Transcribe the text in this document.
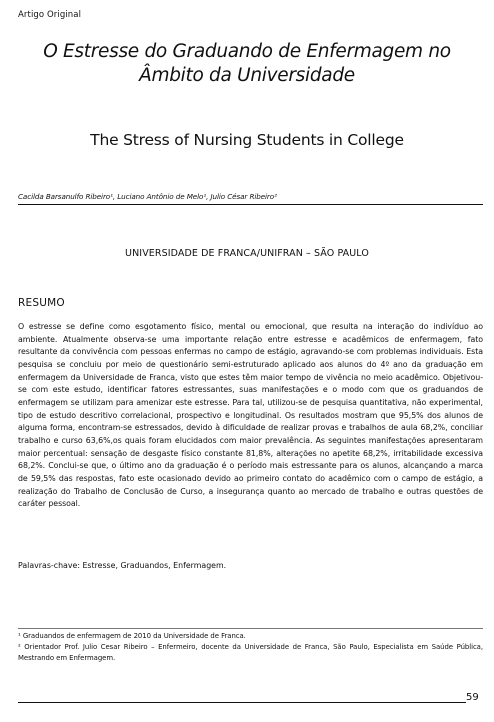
Artigo Original
O Estresse do Graduando de Enfermagem no
Âmbito da Universidade
The Stress of Nursing Students in College
Cacilda Barsanulfo Ribeiro¹, Luciano Antônio de Melo¹, Julio César Ribeiro²
UNIVERSIDADE DE FRANCA/UNIFRAN – SÃO PAULO
RESUMO

O estresse se define como esgotamento físico, mental ou emocional, que resulta na interação do indivíduo ao ambiente. Atualmente observa-se uma importante relação entre estresse e acadêmicos de enfermagem, fato resultante da convivência com pessoas enfermas no campo de estágio, agravando-se com problemas individuais. Esta pesquisa se concluiu por meio de questionário semi-estruturado aplicado aos alunos do 4º ano da graduação em enfermagem da Universidade de Franca, visto que estes têm maior tempo de vivência no meio acadêmico. Objetivou-se com este estudo, identificar fatores estressantes, suas manifestações e o modo com que os graduandos de enfermagem se utilizam para amenizar este estresse. Para tal, utilizou-se de pesquisa quantitativa, não experimental, tipo de estudo descritivo correlacional, prospectivo e longitudinal. Os resultados mostram que 95,5% dos alunos de alguma forma, encontram-se estressados, devido à dificuldade de realizar provas e trabalhos de aula 68,2%, conciliar trabalho e curso 63,6%,os quais foram elucidados com maior prevalência. As seguintes manifestações apresentaram maior percentual: sensação de desgaste físico constante 81,8%, alterações no apetite 68,2%, irritabilidade excessiva 68,2%. Conclui-se que, o último ano da graduação é o período mais estressante para os alunos, alcançando a marca de 59,5% das respostas, fato este ocasionado devido ao primeiro contato do acadêmico com o campo de estágio, a realização do Trabalho de Conclusão de Curso, a insegurança quanto ao mercado de trabalho e outras questões de caráter pessoal.

Palavras-chave: Estresse, Graduandos, Enfermagem.

¹ Graduandos de enfermagem de 2010 da Universidade de Franca.

² Orientador Prof. Julio Cesar Ribeiro – Enfermeiro, docente da Universidade de Franca, São Paulo, Especialista em Saúde Pública, Mestrando em Enfermagem.

59
